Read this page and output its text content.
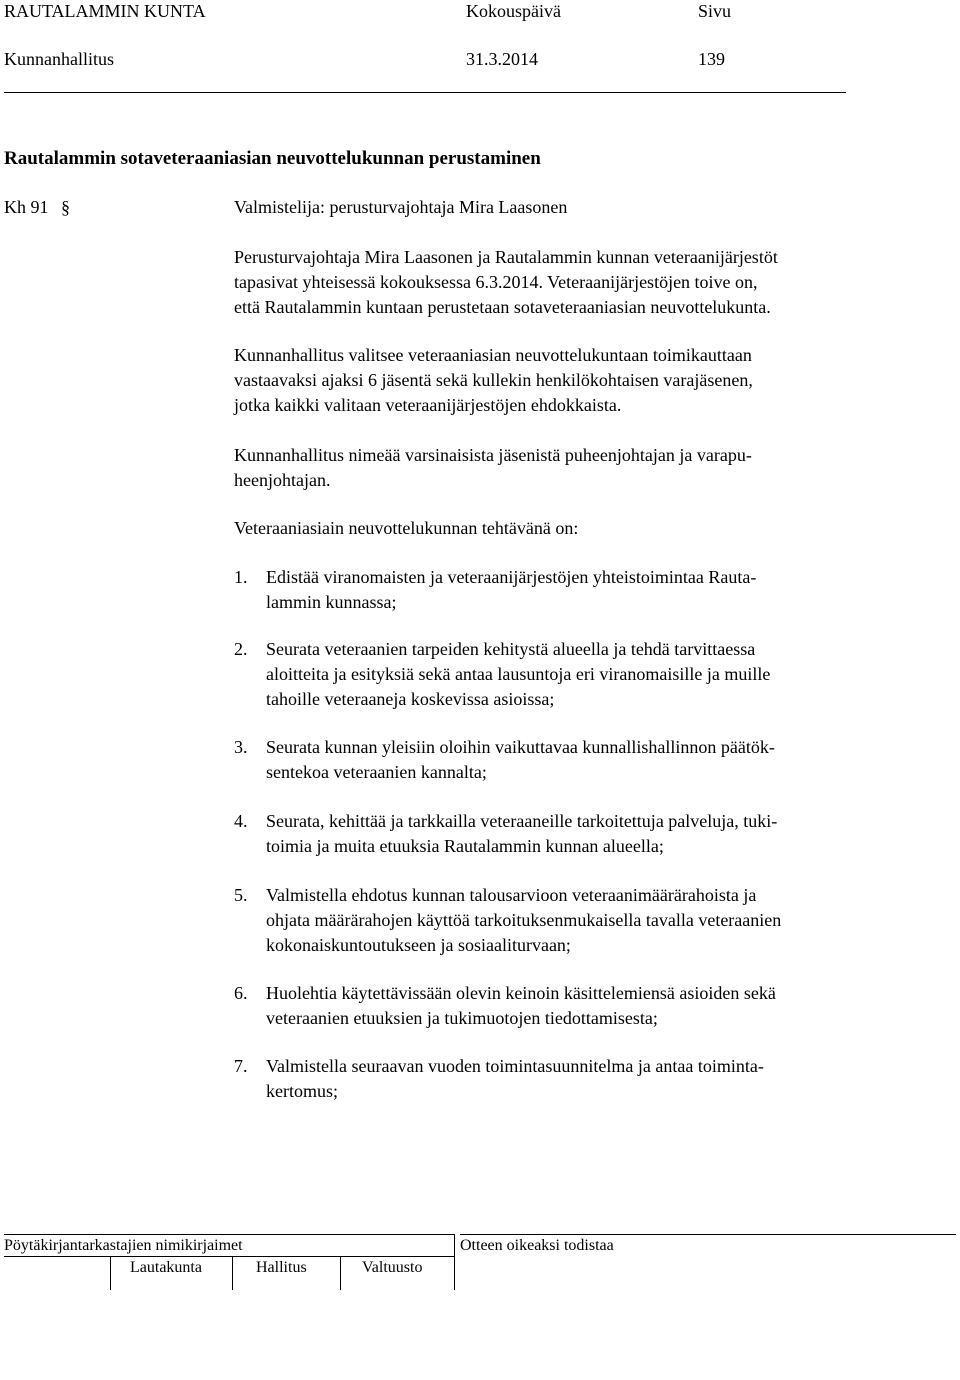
RAUTALAMMIN KUNTA	Kokouspäivä	Sivu
Kunnanhallitus	31.3.2014	139
Rautalammin sotaveteraaniasian neuvottelukunnan perustaminen
Kh 91 §	Valmistelija: perusturvajohtaja Mira Laasonen

Perusturvajohtaja Mira Laasonen ja Rautalammin kunnan veteraanijärjestöt

tapasivat yhteisessä kokouksessa 6.3.2014. Veteraanijärjestöjen toive on,

että Rautalammin kuntaan perustetaan sotaveteraaniasian neuvottelukunta.

Kunnanhallitus valitsee veteraaniasian neuvottelukuntaan toimikauttaan

vastaavaksi ajaksi 6 jäsentä sekä kullekin henkilökohtaisen varajäsenen,

jotka kaikki valitaan veteraanijärjestöjen ehdokkaista.

Kunnanhallitus nimeää varsinaisista jäsenistä puheenjohtajan ja varapu-

heenjohtajan.

Veteraaniasiain neuvottelukunnan tehtävänä on:

1. Edistää viranomaisten ja veteraanijärjestöjen yhteistoimintaa Rauta-
lammin kunnassa;
2. Seurata veteraanien tarpeiden kehitystä alueella ja tehdä tarvittaessa
aloitteita ja esityksiä sekä antaa lausuntoja eri viranomaisille ja muille
tahoille veteraaneja koskevissa asioissa;
3. Seurata kunnan yleisiin oloihin vaikuttavaa kunnallishallinnon päätök-
sentekoa veteraanien kannalta;
4. Seurata, kehittää ja tarkkailla veteraaneille tarkoitettuja palveluja, tuki-
toimia ja muita etuuksia Rautalammin kunnan alueella;
5. Valmistella ehdotus kunnan talousarvioon veteraanimäärärahoista ja
ohjata määrärahojen käyttöä tarkoituksenmukaisella tavalla veteraanien
kokonaiskuntoutukseen ja sosiaaliturvaan;
6. Huolehtia käytettävissään olevin keinoin käsittelemiensä asioiden sekä
veteraanien etuuksien ja tukimuotojen tiedottamisesta;
7. Valmistella seuraavan vuoden toimintasuunnitelma ja antaa toiminta-
kertomus;
Pöytäkirjantarkastajien nimikirjaimet	Otteen oikeaksi todistaa
Lautakunta	Hallitus	Valtuusto
